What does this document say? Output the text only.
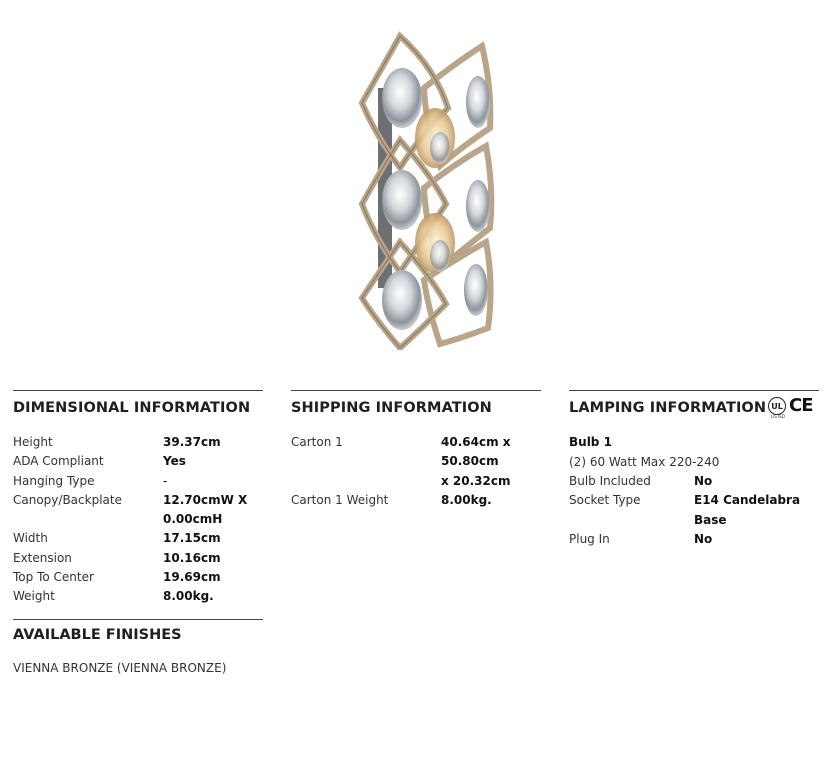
DIMENSIONAL INFORMATION
Height	39.37cm
ADA Compliant	Yes
Hanging Type	-
Canopy/Backplate	12.70cmW X
0.00cmH
Width	17.15cm
Extension	10.16cm
Top To Center	19.69cm
Weight	8.00kg.
SHIPPING INFORMATION
Carton 1	40.64cm x 50.80cm
x 20.32cm
Carton 1 Weight	8.00kg.
LAMPING INFORMATION
Bulb 1
(2) 60 Watt Max 220-240
Bulb Included	No
Socket Type	E14 Candelabra Base
Plug In	No
UL
LISTED
CE
AVAILABLE FINISHES
VIENNA BRONZE (VIENNA BRONZE)
